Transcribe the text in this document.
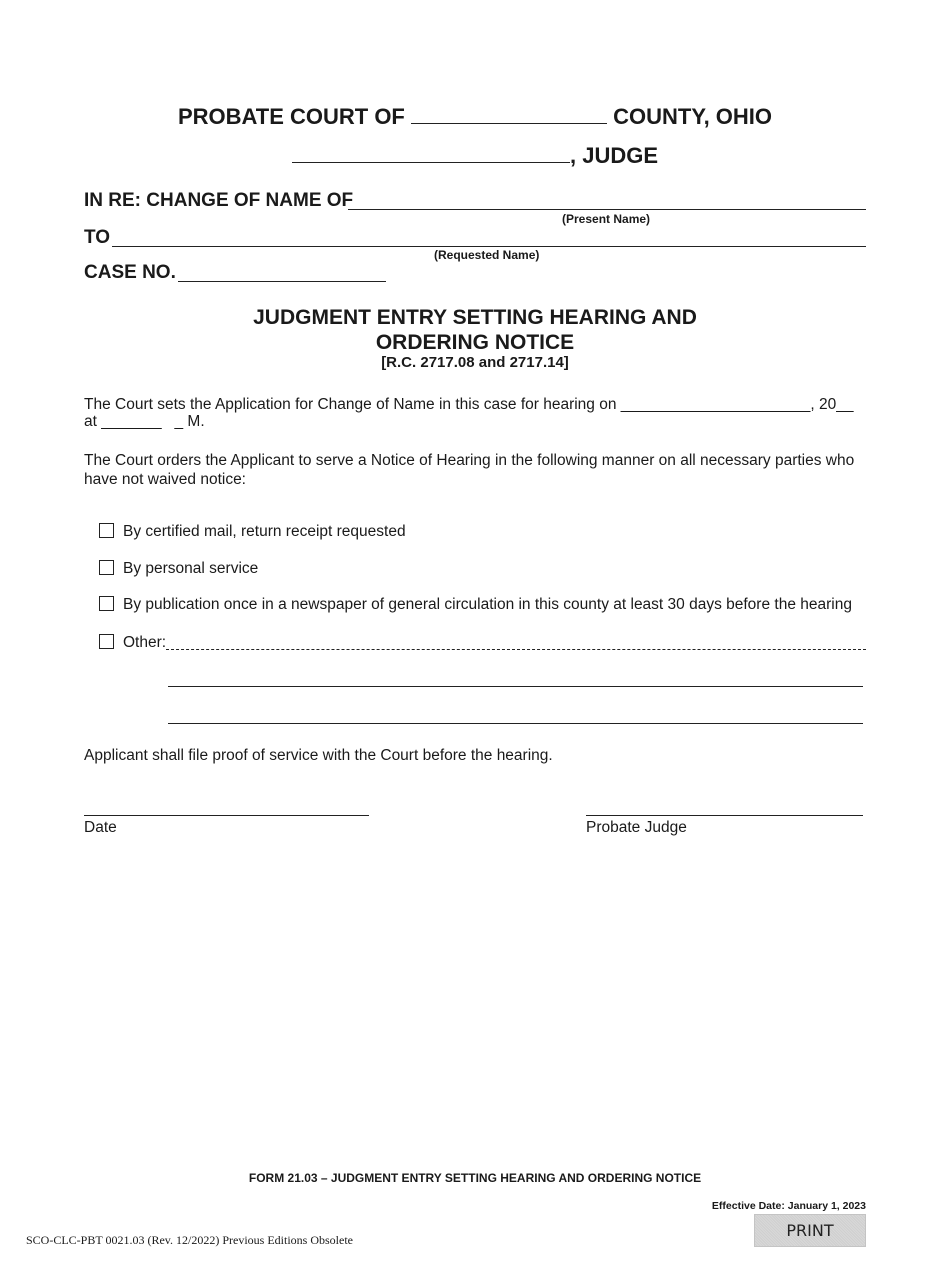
PROBATE COURT OF	COUNTY, OHIO
, JUDGE
IN RE: CHANGE OF NAME OF
(Present Name)
TO
(Requested Name)
CASE NO.
JUDGMENT ENTRY SETTING HEARING AND
ORDERING NOTICE
[R.C. 2717.08 and 2717.14]
The Court sets the Application for Change of Name in this case for hearing on ______________________, 20__
at _______   _ M.
The Court orders the Applicant to serve a Notice of Hearing in the following manner on all necessary parties who have not waived notice:
By certified mail, return receipt requested
By personal service
By publication once in a newspaper of general circulation in this county at least 30 days before the hearing
Other:
Applicant shall file proof of service with the Court before the hearing.
Date	Probate Judge
FORM 21.03 – JUDGMENT ENTRY SETTING HEARING AND ORDERING NOTICE
Effective Date: January 1, 2023
SCO-CLC-PBT 0021.03 (Rev. 12/2022) Previous Editions Obsolete	PRINT
